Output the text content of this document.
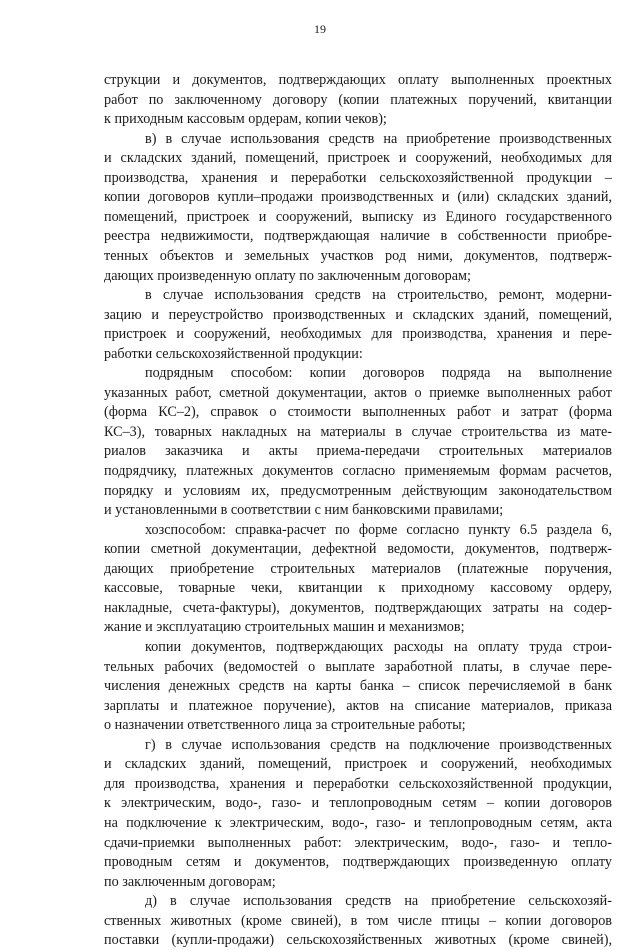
19
струкции и документов, подтверждающих оплату выполненных проектных
работ по заключенному договору (копии платежных поручений, квитанции
к приходным кассовым ордерам, копии чеков);
в) в случае использования средств на приобретение производственных
и складских зданий, помещений, пристроек и сооружений, необходимых для
производства, хранения и переработки сельскохозяйственной продукции –
копии договоров купли–продажи производственных и (или) складских зданий,
помещений, пристроек и сооружений, выписку из Единого государственного
реестра недвижимости, подтверждающая наличие в собственности приобре-
тенных объектов и земельных участков род ними, документов, подтверж-
дающих произведенную оплату по заключенным договорам;
в случае использования средств на строительство, ремонт, модерни-
зацию и переустройство производственных и складских зданий, помещений,
пристроек и сооружений, необходимых для производства, хранения и пере-
работки сельскохозяйственной продукции:
подрядным способом: копии договоров подряда на выполнение
указанных работ, сметной документации, актов о приемке выполненных работ
(форма КС–2), справок о стоимости выполненных работ и затрат (форма
КС–3), товарных накладных на материалы в случае строительства из мате-
риалов заказчика и акты приема-передачи строительных материалов
подрядчику, платежных документов согласно применяемым формам расчетов,
порядку и условиям их, предусмотренным действующим законодательством
и установленными в соответствии с ним банковскими правилами;
хозспособом: справка-расчет по форме согласно пункту 6.5 раздела 6,
копии сметной документации, дефектной ведомости, документов, подтверж-
дающих приобретение строительных материалов (платежные поручения,
кассовые, товарные чеки, квитанции к приходному кассовому ордеру,
накладные, счета-фактуры), документов, подтверждающих затраты на содер-
жание и эксплуатацию строительных машин и механизмов;
копии документов, подтверждающих расходы на оплату труда строи-
тельных рабочих (ведомостей о выплате заработной платы, в случае пере-
числения денежных средств на карты банка – список перечисляемой в банк
зарплаты и платежное поручение), актов на списание материалов, приказа
о назначении ответственного лица за строительные работы;
г) в случае использования средств на подключение производственных
и складских зданий, помещений, пристроек и сооружений, необходимых
для производства, хранения и переработки сельскохозяйственной продукции,
к электрическим, водо-, газо- и теплопроводным сетям – копии договоров
на подключение к электрическим, водо-, газо- и теплопроводным сетям, акта
сдачи-приемки выполненных работ: электрическим, водо-, газо- и тепло-
проводным сетям и документов, подтверждающих произведенную оплату
по заключенным договорам;
д) в случае использования средств на приобретение сельскохозяй-
ственных животных (кроме свиней), в том числе птицы – копии договоров
поставки (купли-продажи) сельскохозяйственных животных (кроме свиней),
